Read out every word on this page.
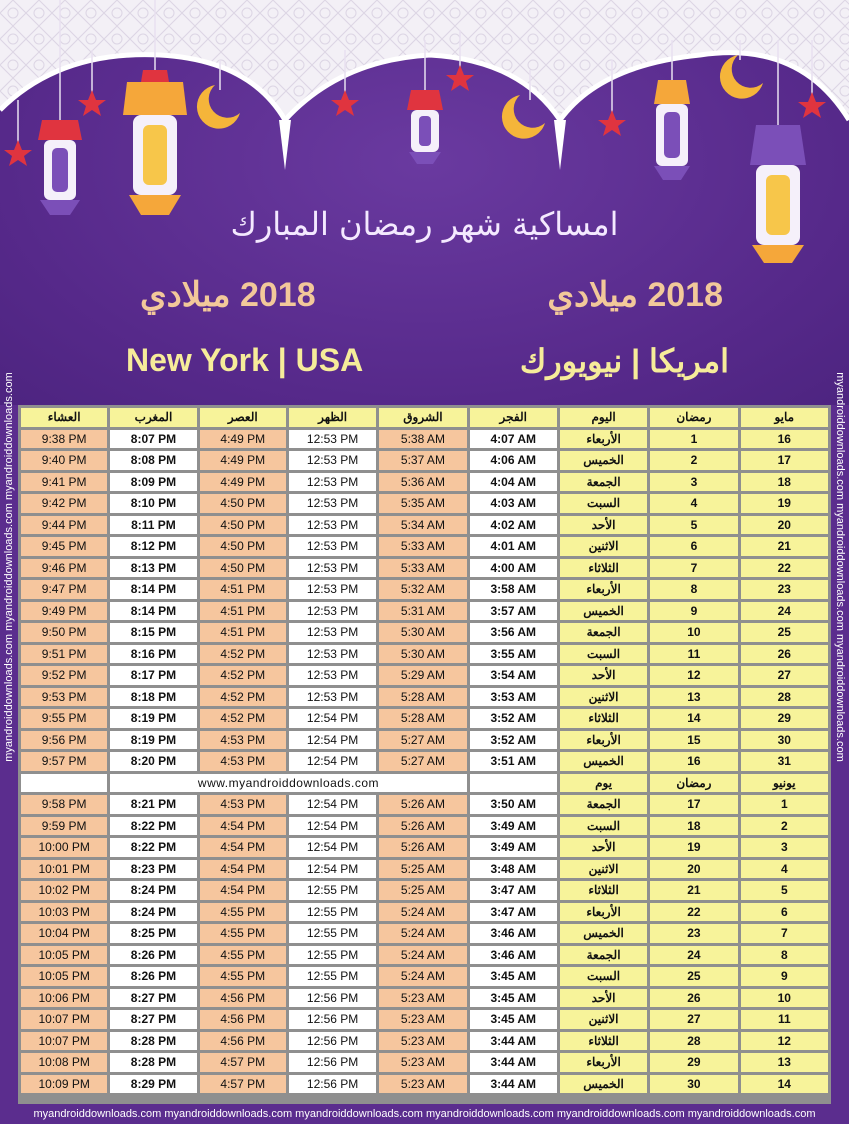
امساكية شهر رمضان المبارك
2018 ميلادي
2018 ميلادي
امريكا | نيويورك
New York | USA
العشاء	المغرب	العصر	الظهر	الشروق	الفجر	اليوم	رمضان	مايو
9:38 PM	8:07 PM	4:49 PM	12:53 PM	5:38 AM	4:07 AM	الأربعاء	1	16
9:40 PM	8:08 PM	4:49 PM	12:53 PM	5:37 AM	4:06 AM	الخميس	2	17
9:41 PM	8:09 PM	4:49 PM	12:53 PM	5:36 AM	4:04 AM	الجمعة	3	18
9:42 PM	8:10 PM	4:50 PM	12:53 PM	5:35 AM	4:03 AM	السبت	4	19
9:44 PM	8:11 PM	4:50 PM	12:53 PM	5:34 AM	4:02 AM	الأحد	5	20
9:45 PM	8:12 PM	4:50 PM	12:53 PM	5:33 AM	4:01 AM	الاثنين	6	21
9:46 PM	8:13 PM	4:50 PM	12:53 PM	5:33 AM	4:00 AM	الثلاثاء	7	22
9:47 PM	8:14 PM	4:51 PM	12:53 PM	5:32 AM	3:58 AM	الأربعاء	8	23
9:49 PM	8:14 PM	4:51 PM	12:53 PM	5:31 AM	3:57 AM	الخميس	9	24
9:50 PM	8:15 PM	4:51 PM	12:53 PM	5:30 AM	3:56 AM	الجمعة	10	25
9:51 PM	8:16 PM	4:52 PM	12:53 PM	5:30 AM	3:55 AM	السبت	11	26
9:52 PM	8:17 PM	4:52 PM	12:53 PM	5:29 AM	3:54 AM	الأحد	12	27
9:53 PM	8:18 PM	4:52 PM	12:53 PM	5:28 AM	3:53 AM	الاثنين	13	28
9:55 PM	8:19 PM	4:52 PM	12:54 PM	5:28 AM	3:52 AM	الثلاثاء	14	29
9:56 PM	8:19 PM	4:53 PM	12:54 PM	5:27 AM	3:52 AM	الأربعاء	15	30
9:57 PM	8:20 PM	4:53 PM	12:54 PM	5:27 AM	3:51 AM	الخميس	16	31
	www.myandroiddownloads.com					يوم	رمضان	يونيو
9:58 PM	8:21 PM	4:53 PM	12:54 PM	5:26 AM	3:50 AM	الجمعة	17	1
9:59 PM	8:22 PM	4:54 PM	12:54 PM	5:26 AM	3:49 AM	السبت	18	2
10:00 PM	8:22 PM	4:54 PM	12:54 PM	5:26 AM	3:49 AM	الأحد	19	3
10:01 PM	8:23 PM	4:54 PM	12:54 PM	5:25 AM	3:48 AM	الاثنين	20	4
10:02 PM	8:24 PM	4:54 PM	12:55 PM	5:25 AM	3:47 AM	الثلاثاء	21	5
10:03 PM	8:24 PM	4:55 PM	12:55 PM	5:24 AM	3:47 AM	الأربعاء	22	6
10:04 PM	8:25 PM	4:55 PM	12:55 PM	5:24 AM	3:46 AM	الخميس	23	7
10:05 PM	8:26 PM	4:55 PM	12:55 PM	5:24 AM	3:46 AM	الجمعة	24	8
10:05 PM	8:26 PM	4:55 PM	12:55 PM	5:24 AM	3:45 AM	السبت	25	9
10:06 PM	8:27 PM	4:56 PM	12:56 PM	5:23 AM	3:45 AM	الأحد	26	10
10:07 PM	8:27 PM	4:56 PM	12:56 PM	5:23 AM	3:45 AM	الاثنين	27	11
10:07 PM	8:28 PM	4:56 PM	12:56 PM	5:23 AM	3:44 AM	الثلاثاء	28	12
10:08 PM	8:28 PM	4:57 PM	12:56 PM	5:23 AM	3:44 AM	الأربعاء	29	13
10:09 PM	8:29 PM	4:57 PM	12:56 PM	5:23 AM	3:44 AM	الخميس	30	14
myandroiddownloads.com myandroiddownloads.com myandroiddownloads.com	myandroiddownloads.com myandroiddownloads.com myandroiddownloads.com
myandroiddownloads.com myandroiddownloads.com myandroiddownloads.com myandroiddownloads.com myandroiddownloads.com myandroiddownloads.com
